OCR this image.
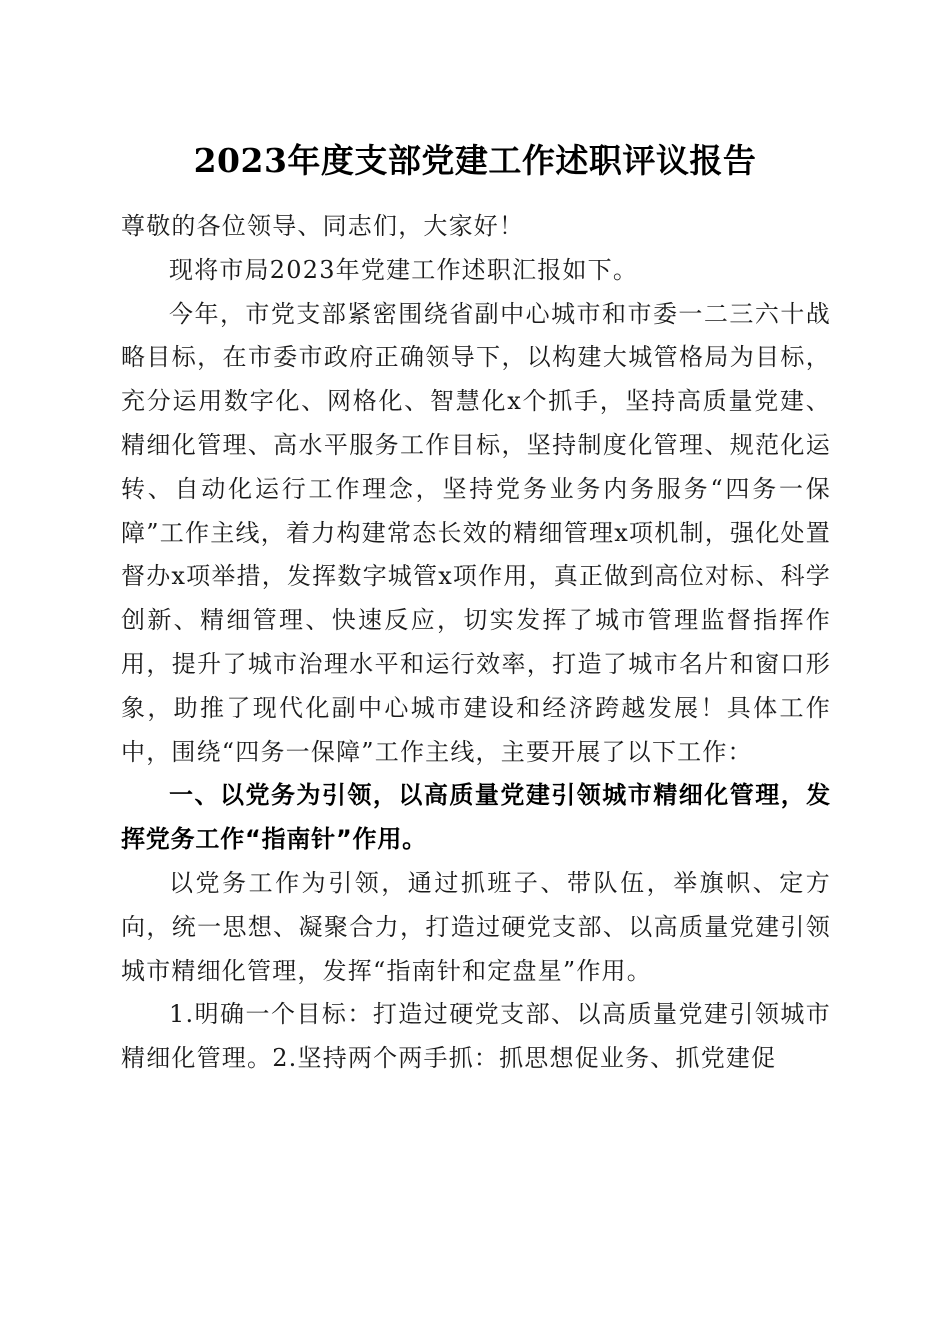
2023年度支部党建工作述职评议报告

尊敬的各位领导、同志们，大家好！

现将市局2023年党建工作述职汇报如下。

今年，市党支部紧密围绕省副中心城市和市委一二三六十战略目标，在市委市政府正确领导下，以构建大城管格局为目标，充分运用数字化、网格化、智慧化x个抓手，坚持高质量党建、精细化管理、高水平服务工作目标，坚持制度化管理、规范化运转、自动化运行工作理念，坚持党务业务内务服务“四务一保障”工作主线，着力构建常态长效的精细管理x项机制，强化处置督办x项举措，发挥数字城管x项作用，真正做到高位对标、科学创新、精细管理、快速反应，切实发挥了城市管理监督指挥作用，提升了城市治理水平和运行效率，打造了城市名片和窗口形象，助推了现代化副中心城市建设和经济跨越发展！具体工作中，围绕“四务一保障”工作主线，主要开展了以下工作：

一、以党务为引领，以高质量党建引领城市精细化管理，发挥党务工作“指南针”作用。

以党务工作为引领，通过抓班子、带队伍，举旗帜、定方向，统一思想、凝聚合力，打造过硬党支部、以高质量党建引领城市精细化管理，发挥“指南针和定盘星”作用。

1.明确一个目标：打造过硬党支部、以高质量党建引领城市精细化管理。2.坚持两个两手抓：抓思想促业务、抓党建促
